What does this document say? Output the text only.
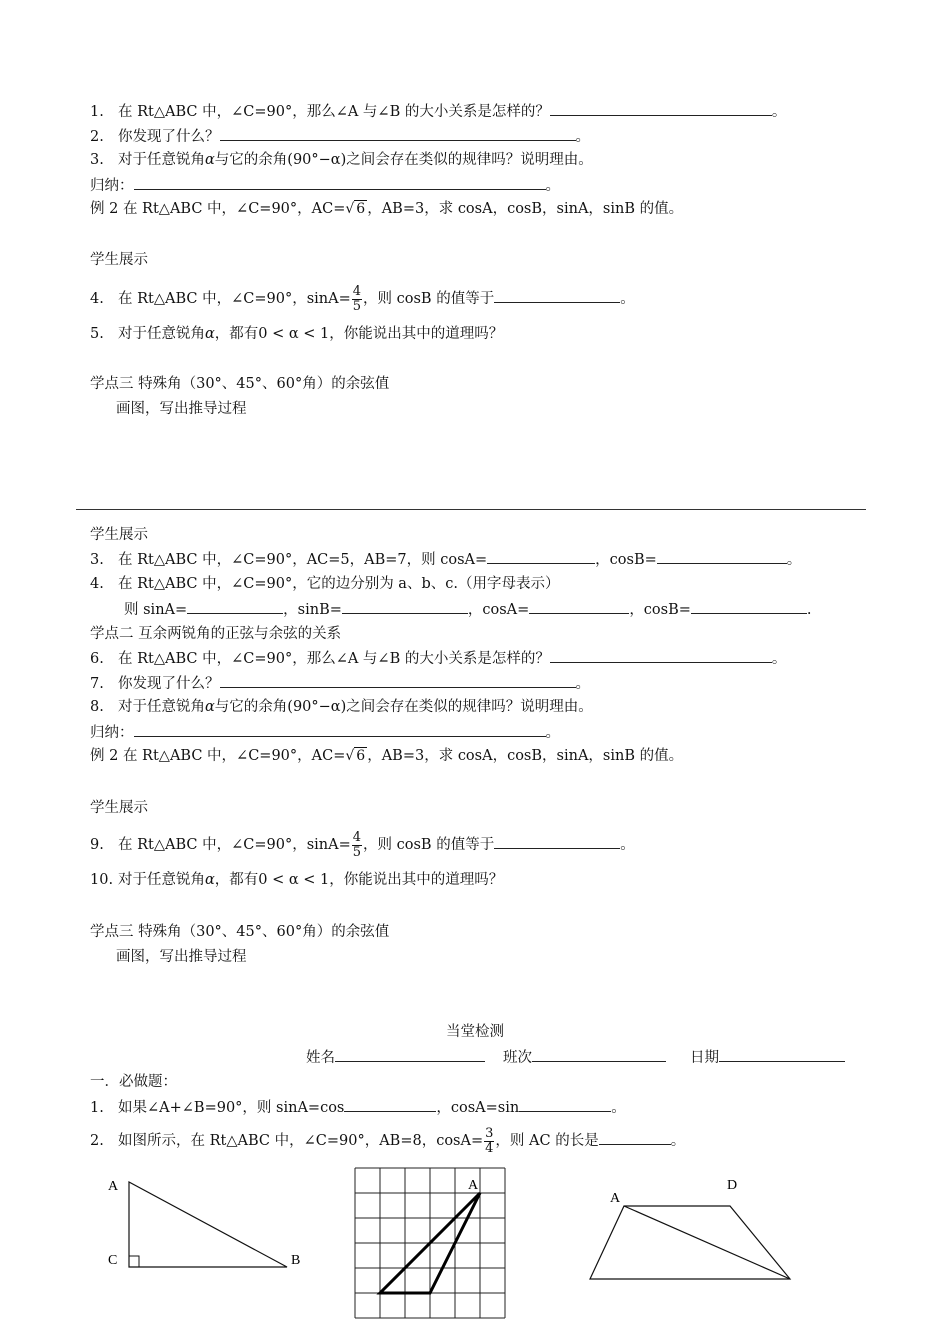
1. 在 Rt△ABC 中，∠C=90°，那么∠A 与∠B 的大小关系是怎样的？	。
2. 你发现了什么？	。
3. 对于任意锐角α与它的余角(90°−α)之间会存在类似的规律吗？说明理由。
归纳：	。
例 2 在 Rt△ABC 中，∠C=90°，AC=√ 6 ，AB=3，求 cosA，cosB，sinA，sinB 的值。
学生展示
4. 在 Rt△ABC 中，∠C=90°，$\sin A= \frac{4}{5}$ ，则 cosB 的值等于	。
5. 对于任意锐角α，都有0 < α < 1，你能说出其中的道理吗？
学点三 特殊角（30°、45°、60°角）的余弦值
画图，写出推导过程
学生展示
3. 在 Rt△ABC 中，∠C=90°，AC=5，AB=7，则 cosA=	，cosB=	。
4. 在 Rt△ABC 中，∠C=90°，它的边分别为 a、b、c.（用字母表示）
则 sinA=	，sinB=	，cosA=	，cosB=	.
学点二 互余两锐角的正弦与余弦的关系
6. 在 Rt△ABC 中，∠C=90°，那么∠A 与∠B 的大小关系是怎样的？	。
7. 你发现了什么？	。
8. 对于任意锐角α与它的余角(90°−α)之间会存在类似的规律吗？说明理由。
归纳：	。
例 2 在 Rt△ABC 中，∠C=90°，AC=√ 6 ，AB=3，求 cosA，cosB，sinA，sinB 的值。
学生展示
9. 在 Rt△ABC 中，∠C=90°，$\sin A= \frac{4}{5}$ ，则 cosB 的值等于	。
10. 对于任意锐角α，都有0 < α < 1，你能说出其中的道理吗？
学点三 特殊角（30°、45°、60°角）的余弦值
画图，写出推导过程
当堂检测
姓名	班次	日期
一．必做题：
1. 如果∠A+∠B=90°，则 sinA=cos	，cosA=sin	。
2. 如图所示，在 Rt△ABC 中，∠C=90°，AB=8，$\cos A= \frac{3}{4}$ ，则 AC 的长是	。
A
C	B
A
A
D
